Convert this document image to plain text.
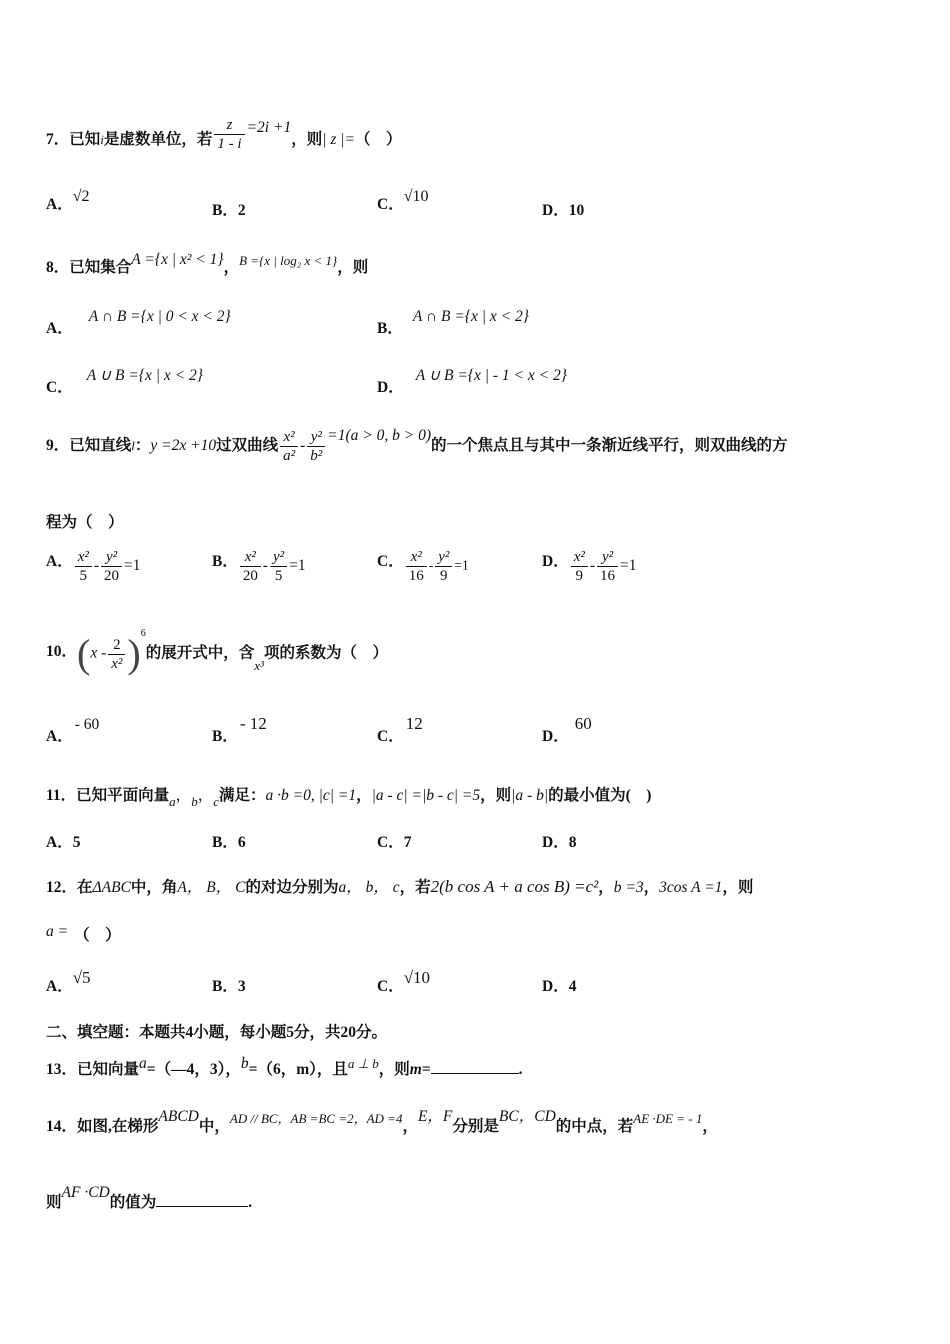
7．已知i是虚数单位，若 $\frac{z}{1 - i} =2i +1$，则| z |=（　）
A．√2
B．2	C．√10
D．10
8．已知集合A ={x | x² < 1}，$^{B =\{x | log_2 x < 1\}}$，则
A．A ∩ B ={x | 0 < x < 2}
B．A ∩ B ={x | x < 2}
C．A ∪ B ={x | x < 2}
D．A ∪ B ={x | - 1 < x < 2}
9．已知直线l：y =2x +10过双曲线 $\frac{\text{x²}}{\text{a²}} - \frac{\text{y²}}{\text{b²}} =1(a > 0$, b > 0)的一个焦点且与其中一条渐近线平行，则双曲线的方
程为（　）
A． $\frac{\text{x²}}{5} - \frac{\text{y²}}{20} =1$	B． $\frac{\text{x²}}{20} - \frac{\text{y²}}{5} =1$	C． $\frac{\text{x²}}{16} - \frac{\text{y²}}{9} =1$	D． $\frac{\text{x²}}{9} - \frac{\text{y²}}{16} =1$
10．$(x - \frac{2}{\text{x²}} )^6$的展开式中，含$_{x^3}$项的系数为（　）
A．- 60
B．- 12
C．12
D．60
11．已知平面向量$_a$，$_b$，$_c$满足：a ·b =0, |c| =1，|a - c| =|b - c| =5，则|a - b|的最小值为(　)
A．5	B．6	C．7	D．8
12．在ΔABC中，角A， B， C的对边分别为a， b， c，若2(b cos A + a cos B) =c²，b =3，3cos A =1，则
a = （　）
A．√5	B．3	C．√10	D．4
二、填空题：本题共4小题，每小题5分，共20分。
13．已知向量a=（—4，3），b=（6，m），且$^{a \perp b}$，则m=	.
14．如图,在梯形ABCD中，$^{AD // BC,AB =BC =2,AD =4}$，E，F分别是BC，CD的中点，若$^{AE \cdot DE = - 1}$，
则AF ·CD的值为	.
